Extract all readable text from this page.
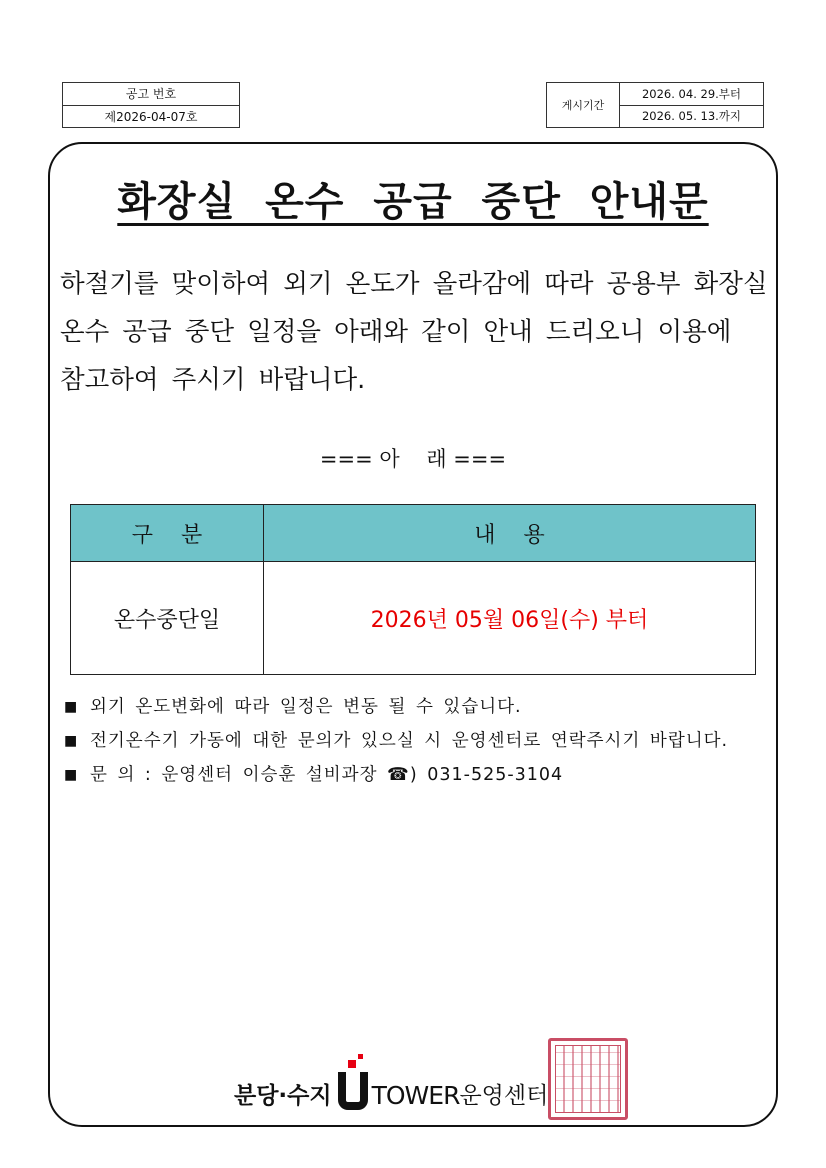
공고 번호
제2026-04-07호
게시기간
2026. 04. 29.부터
2026. 05. 13.까지
화장실 온수 공급 중단 안내문
하절기를 맞이하여 외기 온도가 올라감에 따라 공용부 화장실
온수 공급 중단 일정을 아래와 같이 안내 드리오니 이용에
참고하여 주시기 바랍니다.
=== 아    래 ===
구    분	내    용
온수중단일	2026년 05월 06일(수) 부터
■ 외기 온도변화에 따라 일정은 변동 될 수 있습니다.
■ 전기온수기 가동에 대한 문의가 있으실 시 운영센터로 연락주시기 바랍니다.
■ 문 의 : 운영센터 이승훈 설비과장 ☎) 031-525-3104
분당·수지 TOWER 운영센터
